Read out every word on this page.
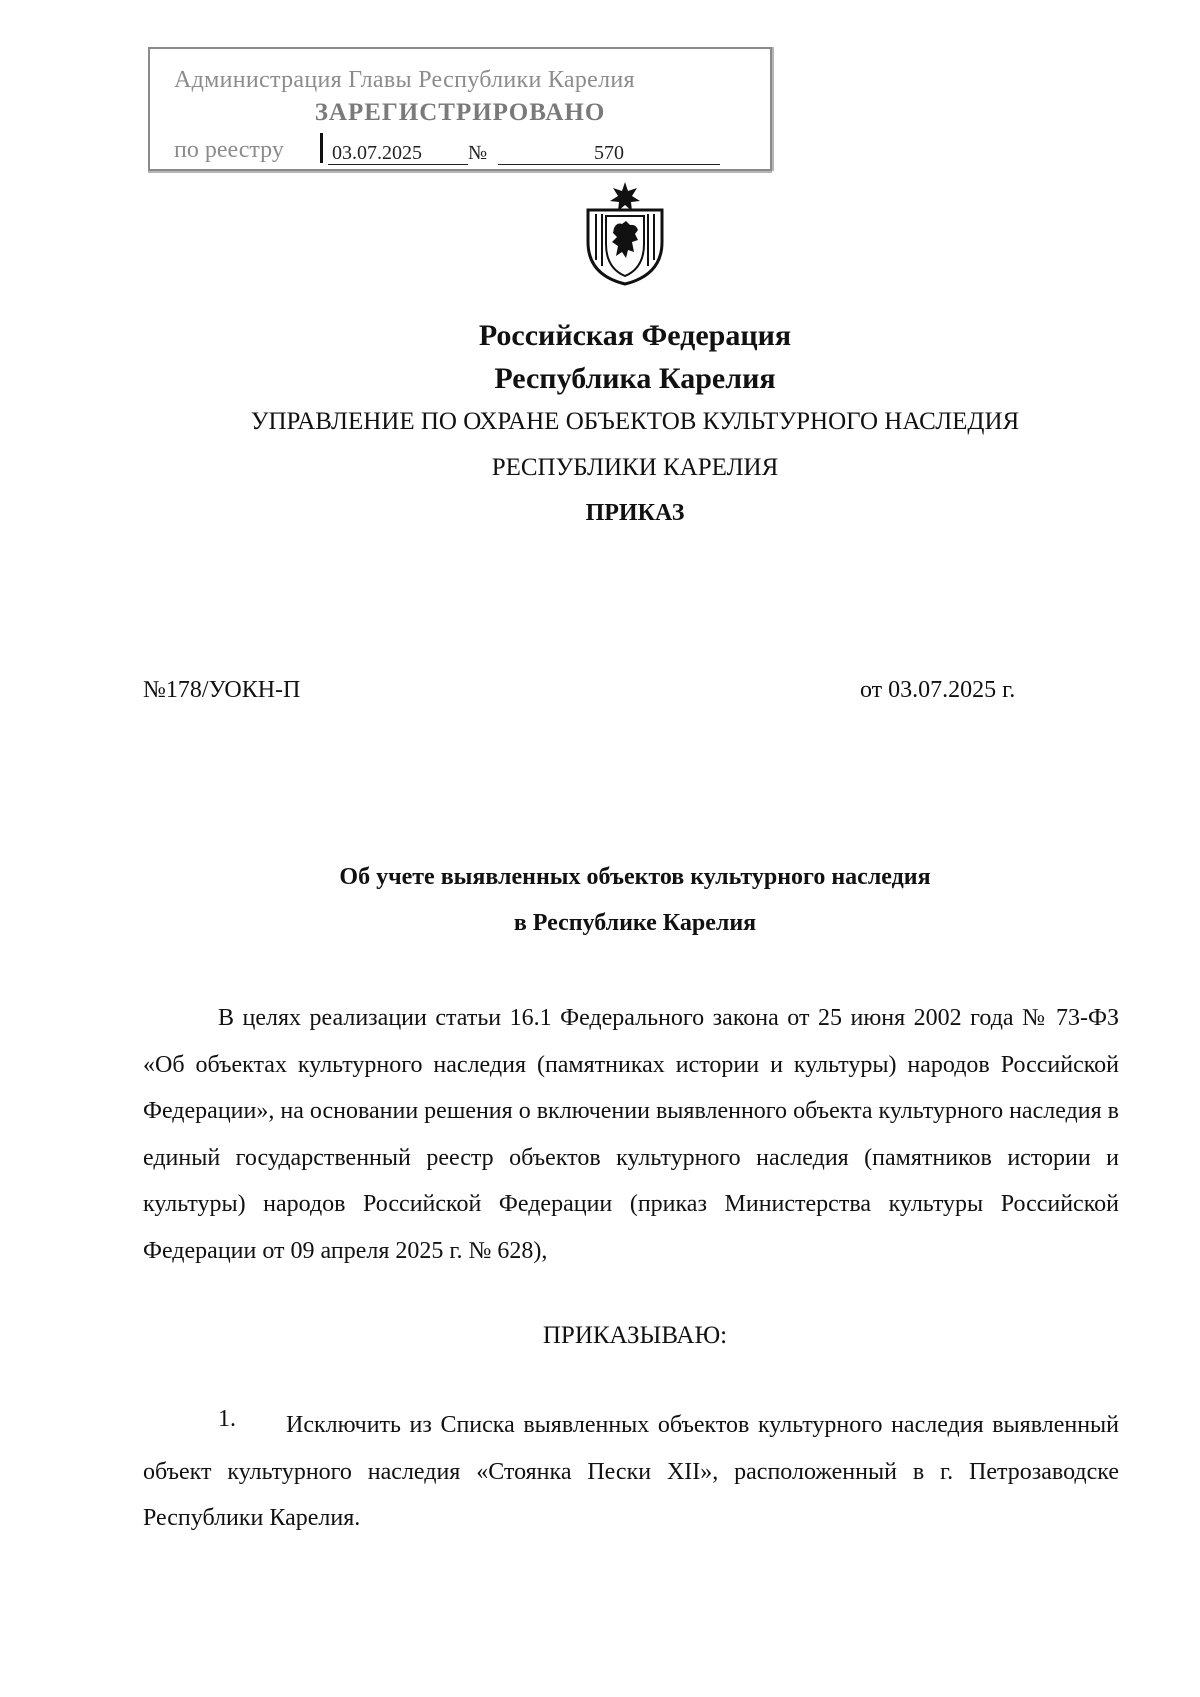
Администрация Главы Республики Карелия
ЗАРЕГИСТРИРОВАНО
по реестру 03.07.2025	№	570
Российская Федерация
Республика Карелия
УПРАВЛЕНИЕ ПО ОХРАНЕ ОБЪЕКТОВ КУЛЬТУРНОГО НАСЛЕДИЯ
РЕСПУБЛИКИ КАРЕЛИЯ
ПРИКАЗ
№178/УОКН-П	от 03.07.2025 г.
Об учете выявленных объектов культурного наследия
в Республике Карелия
В целях реализации статьи 16.1 Федерального закона от 25 июня 2002 года № 73-ФЗ «Об объектах культурного наследия (памятниках истории и культуры) народов Российской Федерации», на основании решения о включении выявленного объекта культурного наследия в единый государственный реестр объектов культурного наследия (памятников истории и культуры) народов Российской Федерации (приказ Министерства культуры Российской Федерации от 09 апреля 2025 г. № 628),
ПРИКАЗЫВАЮ:
1.	Исключить из Списка выявленных объектов культурного наследия выявленный объект культурного наследия «Стоянка Пески XII», расположенный в г. Петрозаводске Республики Карелия.
